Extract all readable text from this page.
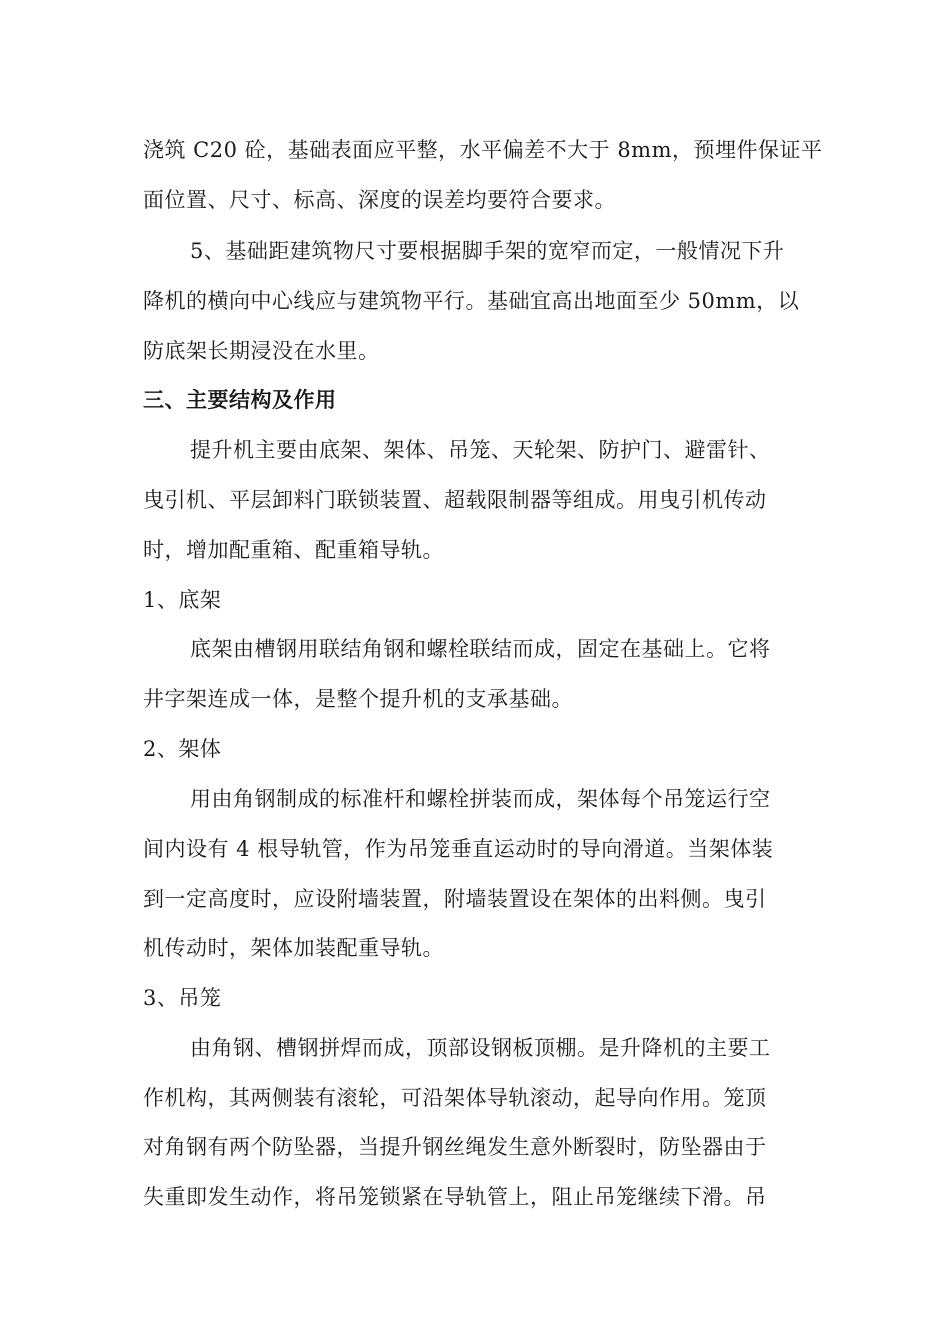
浇筑 C20 砼，基础表面应平整，水平偏差不大于 8mm，预埋件保证平
面位置、尺寸、标高、深度的误差均要符合要求。
5、基础距建筑物尺寸要根据脚手架的宽窄而定，一般情况下升
降机的横向中心线应与建筑物平行。基础宜高出地面至少 50mm，以
防底架长期浸没在水里。
三、主要结构及作用
提升机主要由底架、架体、吊笼、天轮架、防护门、避雷针、
曳引机、平层卸料门联锁装置、超载限制器等组成。用曳引机传动
时，增加配重箱、配重箱导轨。
1、底架
底架由槽钢用联结角钢和螺栓联结而成，固定在基础上。它将
井字架连成一体，是整个提升机的支承基础。
2、架体
用由角钢制成的标准杆和螺栓拼装而成，架体每个吊笼运行空
间内设有 4 根导轨管，作为吊笼垂直运动时的导向滑道。当架体装
到一定高度时，应设附墙装置，附墙装置设在架体的出料侧。曳引
机传动时，架体加装配重导轨。
3、吊笼
由角钢、槽钢拼焊而成，顶部设钢板顶棚。是升降机的主要工
作机构，其两侧装有滚轮，可沿架体导轨滚动，起导向作用。笼顶
对角钢有两个防坠器，当提升钢丝绳发生意外断裂时，防坠器由于
失重即发生动作，将吊笼锁紧在导轨管上，阻止吊笼继续下滑。吊
